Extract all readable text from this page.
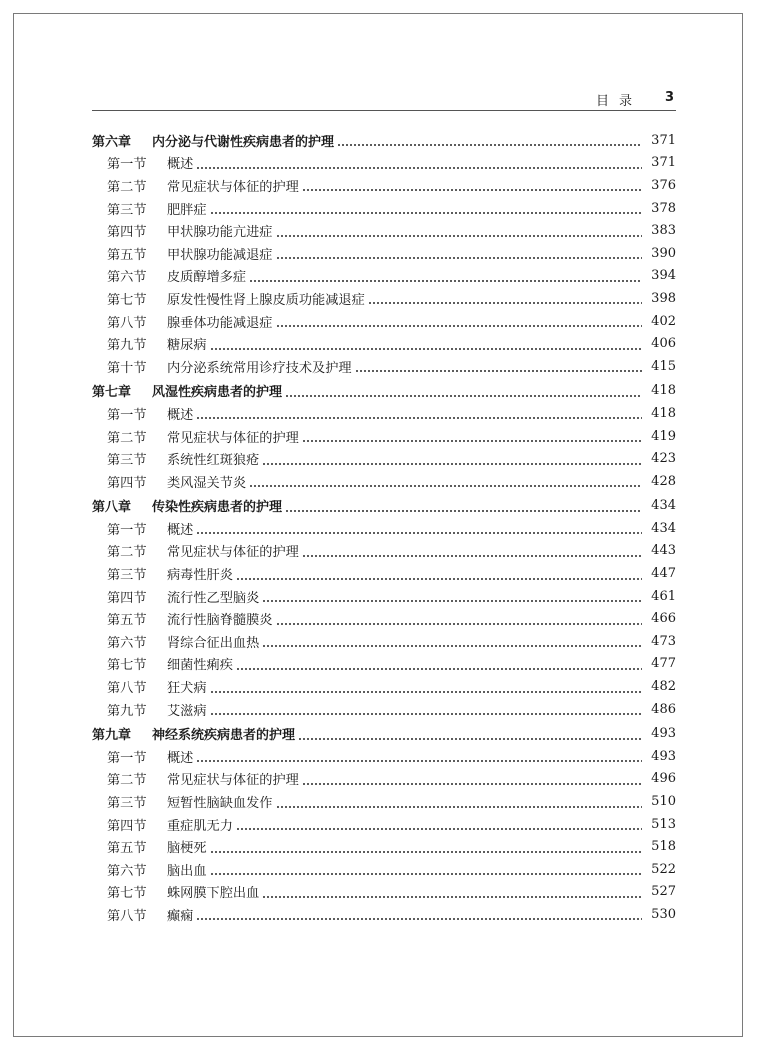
目录 3
第六章 内分泌与代谢性疾病患者的护理	371
第一节 概述	371
第二节 常见症状与体征的护理	376
第三节 肥胖症	378
第四节 甲状腺功能亢进症	383
第五节 甲状腺功能减退症	390
第六节 皮质醇增多症	394
第七节 原发性慢性肾上腺皮质功能减退症	398
第八节 腺垂体功能减退症	402
第九节 糖尿病	406
第十节 内分泌系统常用诊疗技术及护理	415
第七章 风湿性疾病患者的护理	418
第一节 概述	418
第二节 常见症状与体征的护理	419
第三节 系统性红斑狼疮	423
第四节 类风湿关节炎	428
第八章 传染性疾病患者的护理	434
第一节 概述	434
第二节 常见症状与体征的护理	443
第三节 病毒性肝炎	447
第四节 流行性乙型脑炎	461
第五节 流行性脑脊髓膜炎	466
第六节 肾综合征出血热	473
第七节 细菌性痢疾	477
第八节 狂犬病	482
第九节 艾滋病	486
第九章 神经系统疾病患者的护理	493
第一节 概述	493
第二节 常见症状与体征的护理	496
第三节 短暂性脑缺血发作	510
第四节 重症肌无力	513
第五节 脑梗死	518
第六节 脑出血	522
第七节 蛛网膜下腔出血	527
第八节 癫痫	530
